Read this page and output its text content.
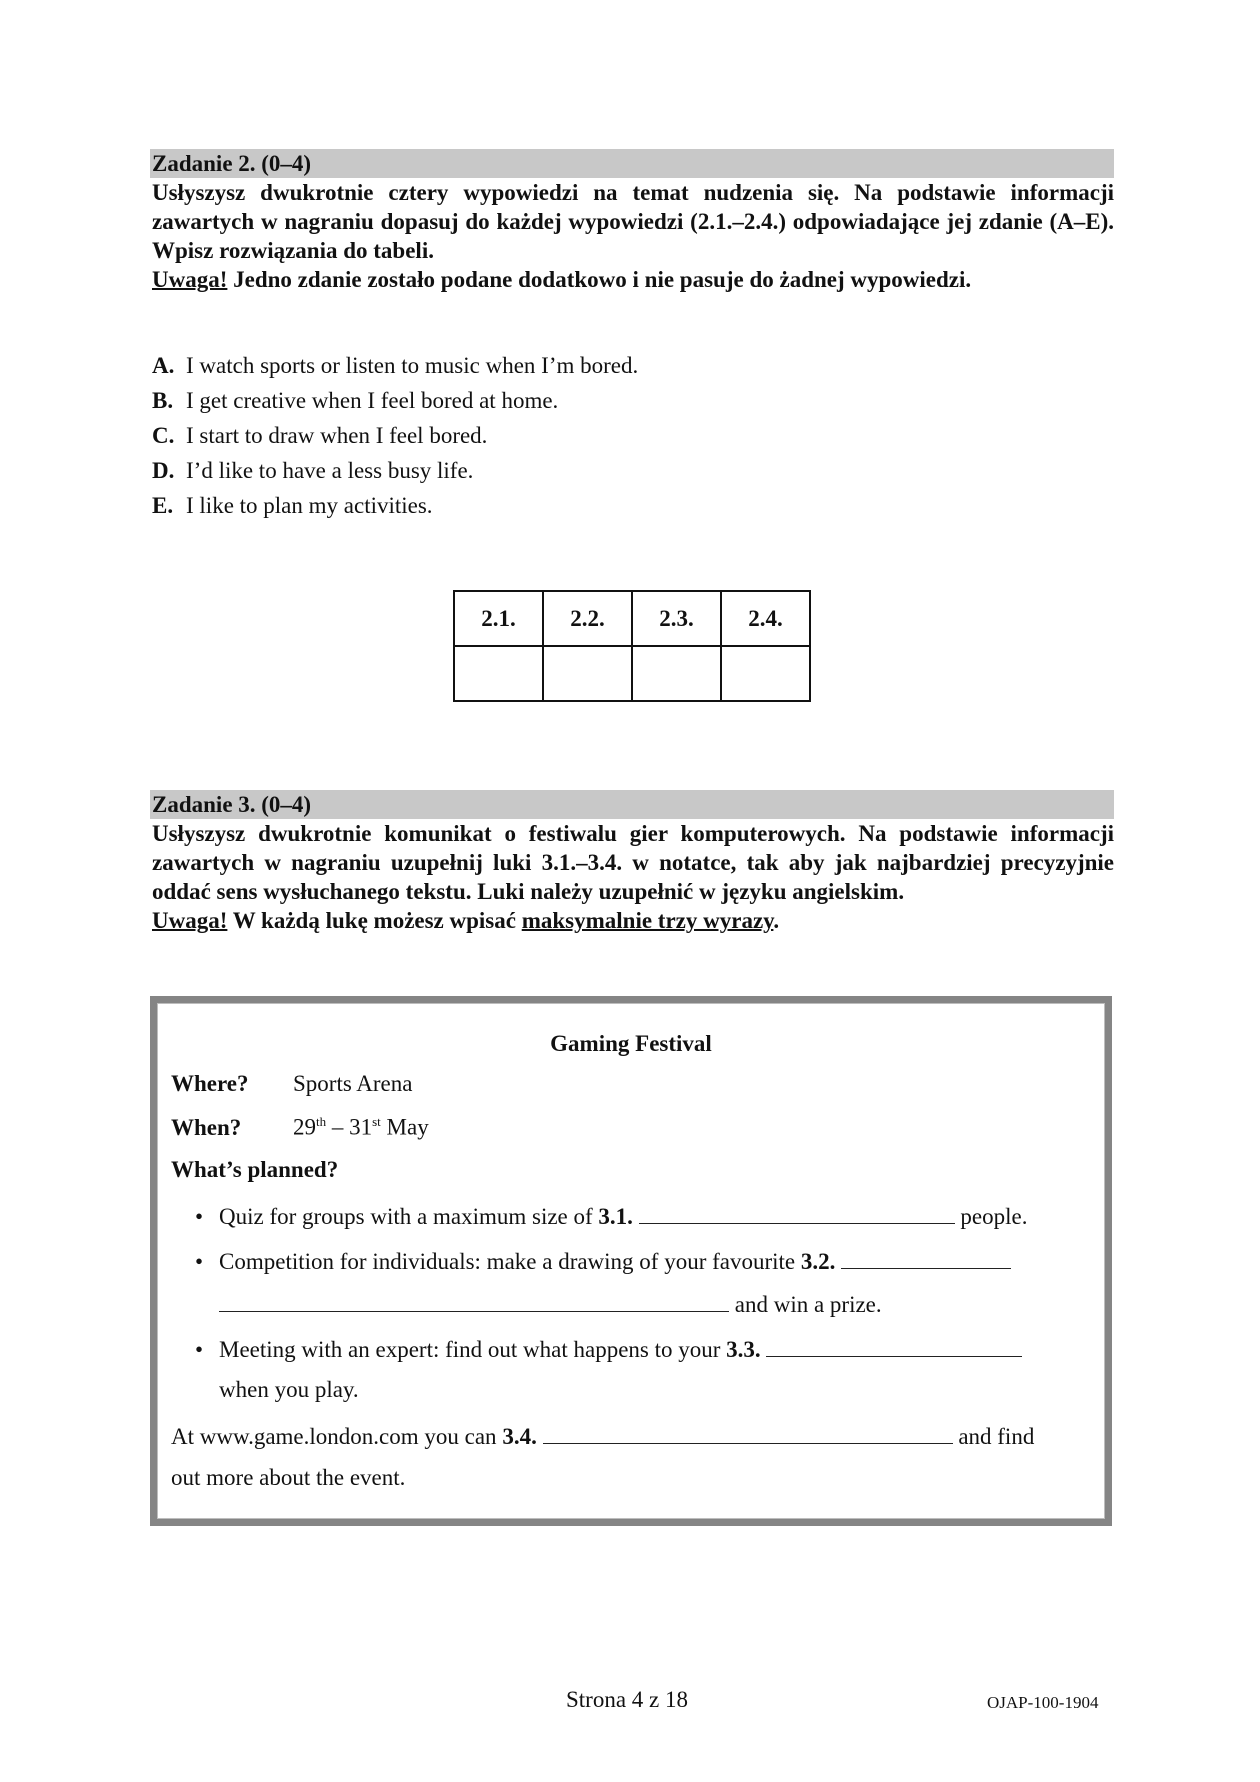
Zadanie 2. (0–4)

Usłyszysz dwukrotnie cztery wypowiedzi na temat nudzenia się. Na podstawie informacji zawartych w nagraniu dopasuj do każdej wypowiedzi (2.1.–2.4.) odpowiadające jej zdanie (A–E). Wpisz rozwiązania do tabeli.

Uwaga! Jedno zdanie zostało podane dodatkowo i nie pasuje do żadnej wypowiedzi.

A. I watch sports or listen to music when I’m bored.
B. I get creative when I feel bored at home.
C. I start to draw when I feel bored.
D. I’d like to have a less busy life.
E. I like to plan my activities.
2.1.	2.2.	2.3.	2.4.

Zadanie 3. (0–4)

Usłyszysz dwukrotnie komunikat o festiwalu gier komputerowych. Na podstawie informacji zawartych w nagraniu uzupełnij luki 3.1.–3.4. w notatce, tak aby jak najbardziej precyzyjnie oddać sens wysłuchanego tekstu. Luki należy uzupełnić w języku angielskim.

Uwaga! W każdą lukę możesz wpisać maksymalnie trzy wyrazy.

Gaming Festival
Where? Sports Arena
When? 29th – 31st May
What’s planned?
• Quiz for groups with a maximum size of 3.1.	people.
• Competition for individuals: make a drawing of your favourite 3.2.
and win a prize.
• Meeting with an expert: find out what happens to your 3.3.
when you play.
At www.game.london.com you can 3.4.	and find
out more about the event.
Strona 4 z 18	OJAP-100-1904
